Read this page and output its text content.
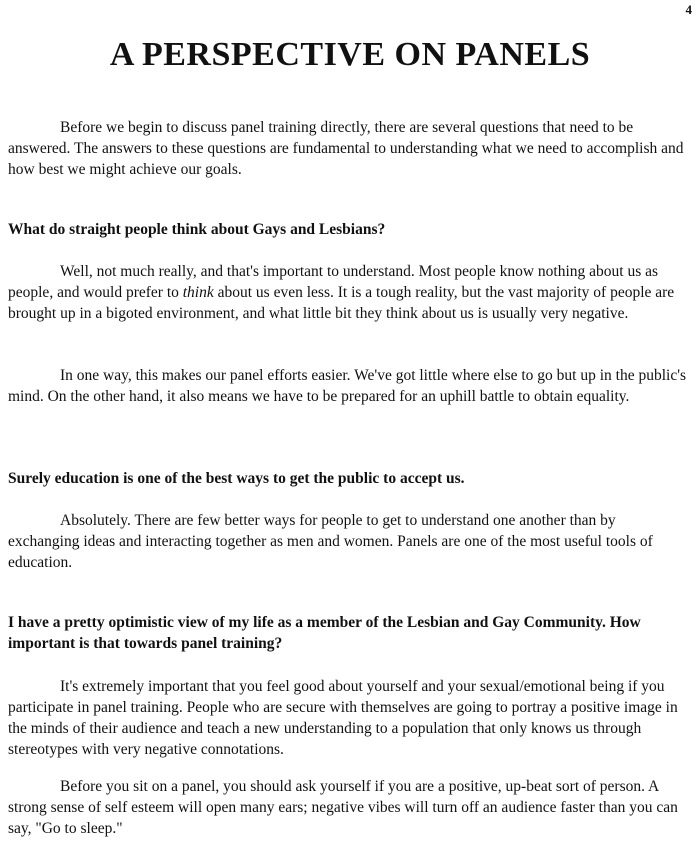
4
A PERSPECTIVE ON PANELS

Before we begin to discuss panel training directly, there are several questions that need to be answered. The answers to these questions are fundamental to understanding what we need to accomplish and how best we might achieve our goals.

What do straight people think about Gays and Lesbians?

Well, not much really, and that's important to understand. Most people know nothing about us as people, and would prefer to think about us even less. It is a tough reality, but the vast majority of people are brought up in a bigoted environment, and what little bit they think about us is usually very negative.

In one way, this makes our panel efforts easier. We've got little where else to go but up in the public's mind. On the other hand, it also means we have to be prepared for an uphill battle to obtain equality.

Surely education is one of the best ways to get the public to accept us.

Absolutely. There are few better ways for people to get to understand one another than by exchanging ideas and interacting together as men and women. Panels are one of the most useful tools of education.

I have a pretty optimistic view of my life as a member of the Lesbian and Gay Community. How important is that towards panel training?

It's extremely important that you feel good about yourself and your sexual/emotional being if you participate in panel training. People who are secure with themselves are going to portray a positive image in the minds of their audience and teach a new understanding to a population that only knows us through stereotypes with very negative connotations.

Before you sit on a panel, you should ask yourself if you are a positive, up-beat sort of person. A strong sense of self esteem will open many ears; negative vibes will turn off an audience faster than you can say, "Go to sleep."
